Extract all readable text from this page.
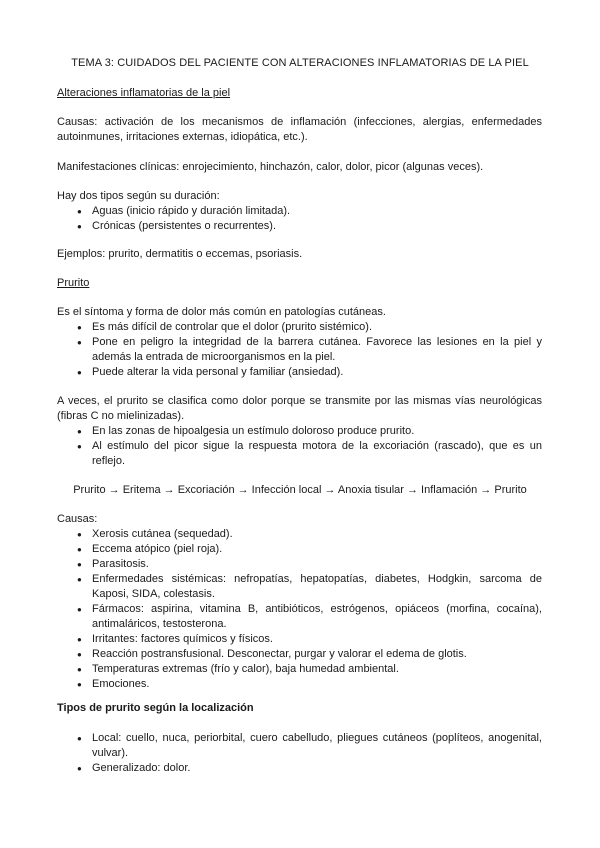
TEMA 3: CUIDADOS DEL PACIENTE CON ALTERACIONES INFLAMATORIAS DE LA PIEL
Alteraciones inflamatorias de la piel
Causas: activación de los mecanismos de inflamación (infecciones, alergias, enfermedades autoinmunes, irritaciones externas, idiopática, etc.).
Manifestaciones clínicas: enrojecimiento, hinchazón, calor, dolor, picor (algunas veces).
Hay dos tipos según su duración:
● Aguas (inicio rápido y duración limitada).
● Crónicas (persistentes o recurrentes).
Ejemplos: prurito, dermatitis o eccemas, psoriasis.
Prurito
Es el síntoma y forma de dolor más común en patologías cutáneas.
● Es más difícil de controlar que el dolor (prurito sistémico).
● Pone en peligro la integridad de la barrera cutánea. Favorece las lesiones en la piel y además la entrada de microorganismos en la piel.
● Puede alterar la vida personal y familiar (ansiedad).
A veces, el prurito se clasifica como dolor porque se transmite por las mismas vías neurológicas (fibras C no mielinizadas).
● En las zonas de hipoalgesia un estímulo doloroso produce prurito.
● Al estímulo del picor sigue la respuesta motora de la excoriación (rascado), que es un reflejo.
Prurito → Eritema → Excoriación → Infección local → Anoxia tisular → Inflamación → Prurito
Causas:
● Xerosis cutánea (sequedad).
● Eccema atópico (piel roja).
● Parasitosis.
● Enfermedades sistémicas: nefropatías, hepatopatías, diabetes, Hodgkin, sarcoma de Kaposi, SIDA, colestasis.
● Fármacos: aspirina, vitamina B, antibióticos, estrógenos, opiáceos (morfina, cocaína), antimaláricos, testosterona.
● Irritantes: factores químicos y físicos.
● Reacción postransfusional. Desconectar, purgar y valorar el edema de glotis.
● Temperaturas extremas (frío y calor), baja humedad ambiental.
● Emociones.
Tipos de prurito según la localización
● Local: cuello, nuca, periorbital, cuero cabelludo, pliegues cutáneos (poplíteos, anogenital, vulvar).
● Generalizado: dolor.
